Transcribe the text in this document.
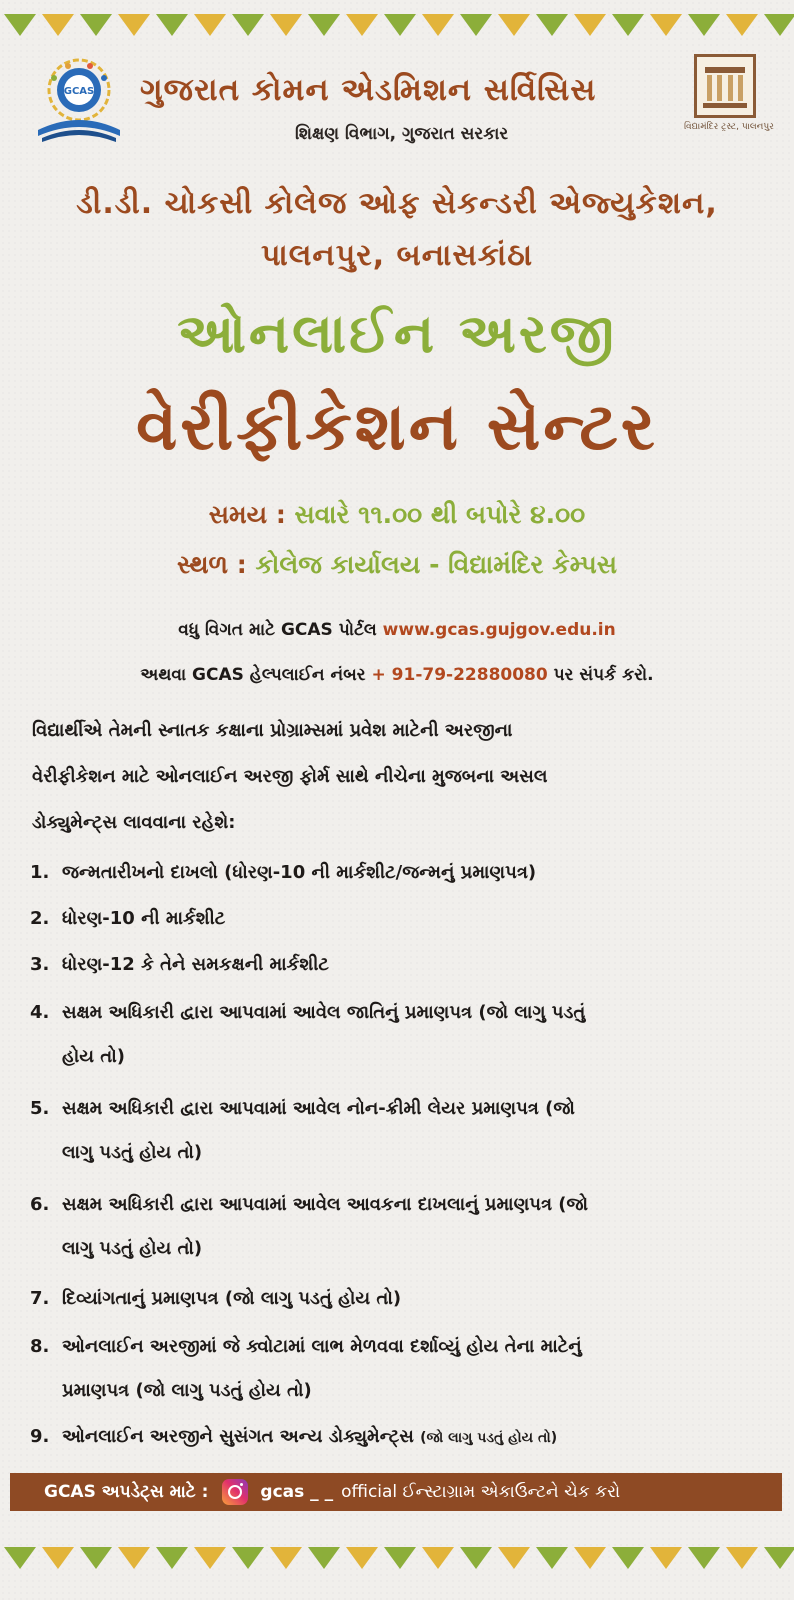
GCAS ગુજરાત કોમન એડમિશન સર્વિસિસ
શિક્ષણ વિભાગ, ગુજરાત સરકાર	વિદ્યામંદિર ટ્રસ્ટ, પાલનપુર
ડી.ડી. ચોકસી કોલેજ ઓફ સેકન્ડરી એજ્યુકેશન,
પાલનપુર, બનાસકાંઠા
ઓનલાઈન અરજી
વેરીફીકેશન સેન્ટર
સમય : સવારે ૧૧.૦૦ થી બપોરે ૪.૦૦
સ્થળ : કોલેજ કાર્યાલય - વિદ્યામંદિર કેમ્પસ
વધુ વિગત માટે GCAS પોર્ટલ www.gcas.gujgov.edu.in
અથવા GCAS હેલ્પલાઈન નંબર + 91-79-22880080 પર સંપર્ક કરો.
વિદ્યાર્થીએ તેમની સ્નાતક કક્ષાના પ્રોગ્રામ્સમાં પ્રવેશ માટેની અરજીના
વેરીફીકેશન માટે ઓનલાઈન અરજી ફોર્મ સાથે નીચેના મુજબના અસલ
ડોક્યુમેન્ટ્સ લાવવાના રહેશે:
1. જન્મતારીખનો દાખલો (ધોરણ-10 ની માર્કશીટ/જન્મનું પ્રમાણપત્ર)
2. ધોરણ-10 ની માર્કશીટ
3. ધોરણ-12 કે તેને સમકક્ષની માર્કશીટ
4. સક્ષમ અધિકારી દ્વારા આપવામાં આવેલ જાતિનું પ્રમાણપત્ર (જો લાગુ પડતું
હોય તો)
5. સક્ષમ અધિકારી દ્વારા આપવામાં આવેલ નોન-ક્રીમી લેયર પ્રમાણપત્ર (જો
લાગુ પડતું હોય તો)
6. સક્ષમ અધિકારી દ્વારા આપવામાં આવેલ આવકના દાખલાનું પ્રમાણપત્ર (જો
લાગુ પડતું હોય તો)
7. દિવ્યાંગતાનું પ્રમાણપત્ર (જો લાગુ પડતું હોય તો)
8. ઓનલાઈન અરજીમાં જે ક્વોટામાં લાભ મેળવવા દર્શાવ્યું હોય તેના માટેનું
પ્રમાણપત્ર (જો લાગુ પડતું હોય તો)
9. ઓનલાઈન અરજીને સુસંગત અન્ય ડોક્યુમેન્ટ્સ (જો લાગુ પડતું હોય તો)
GCAS અપડેટ્સ માટે :	gcas _ _ official ઈન્સ્ટાગ્રામ એકાઉન્ટને ચેક કરો
